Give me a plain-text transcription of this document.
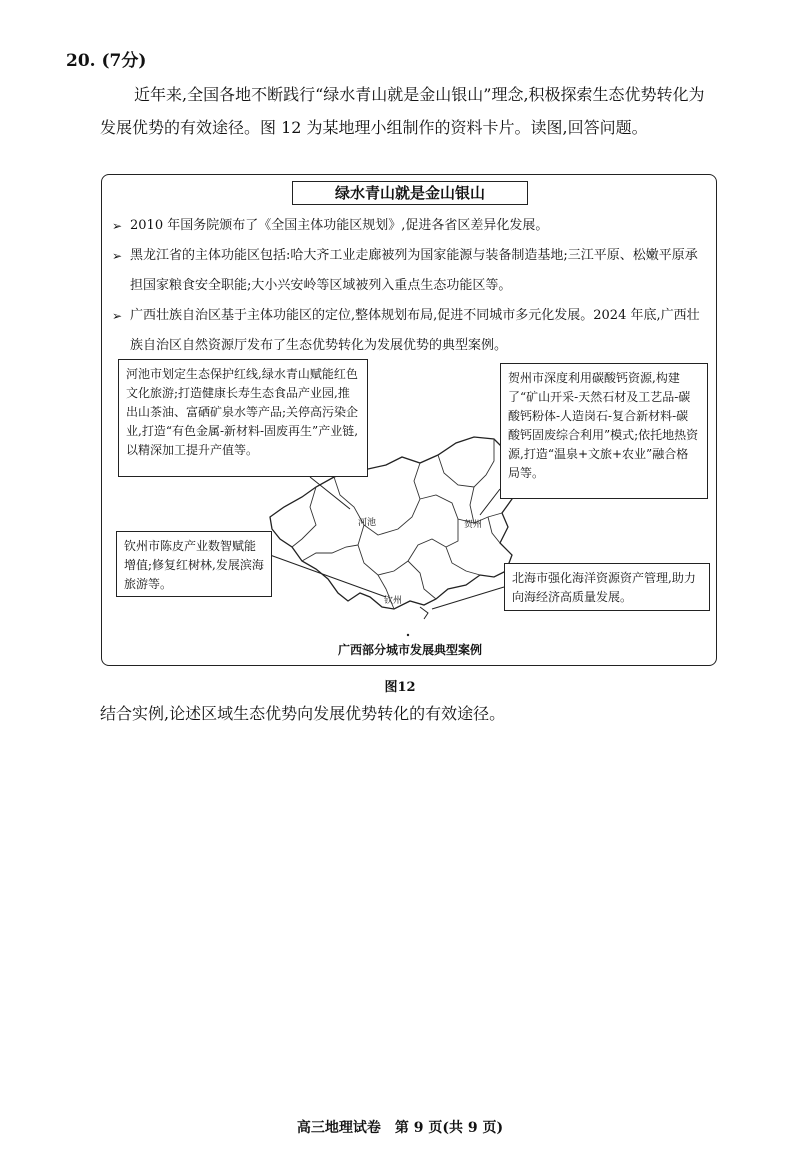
20. (7分)

近年来,全国各地不断践行“绿水青山就是金山银山”理念,积极探索生态优势转化为发展优势的有效途径。图 12 为某地理小组制作的资料卡片。读图,回答问题。

绿水青山就是金山银山
➢ 2010 年国务院颁布了《全国主体功能区规划》,促进各省区差异化发展。
➢ 黑龙江省的主体功能区包括:哈大齐工业走廊被列为国家能源与装备制造基地;三江平原、松嫩平原承担国家粮食安全职能;大小兴安岭等区域被列入重点生态功能区等。
➢ 广西壮族自治区基于主体功能区的定位,整体规划布局,促进不同城市多元化发展。2024 年底,广西壮族自治区自然资源厅发布了生态优势转化为发展优势的典型案例。
河池	贺州
钦州
河池市划定生态保护红线,绿水青山赋能红色文化旅游;打造健康长寿生态食品产业园,推出山茶油、富硒矿泉水等产品;关停高污染企业,打造“有色金属-新材料-固废再生”产业链,以精深加工提升产值等。
贺州市深度利用碳酸钙资源,构建了“矿山开采-天然石材及工艺品-碳酸钙粉体-人造岗石-复合新材料-碳酸钙固废综合利用”模式;依托地热资源,打造“温泉+文旅+农业”融合格局等。
钦州市陈皮产业数智赋能增值;修复红树林,发展滨海旅游等。	北海市强化海洋资源资产管理,助力向海经济高质量发展。
广西部分城市发展典型案例
图12
结合实例,论述区域生态优势向发展优势转化的有效途径。
高三地理试卷　第 9 页(共 9 页)
